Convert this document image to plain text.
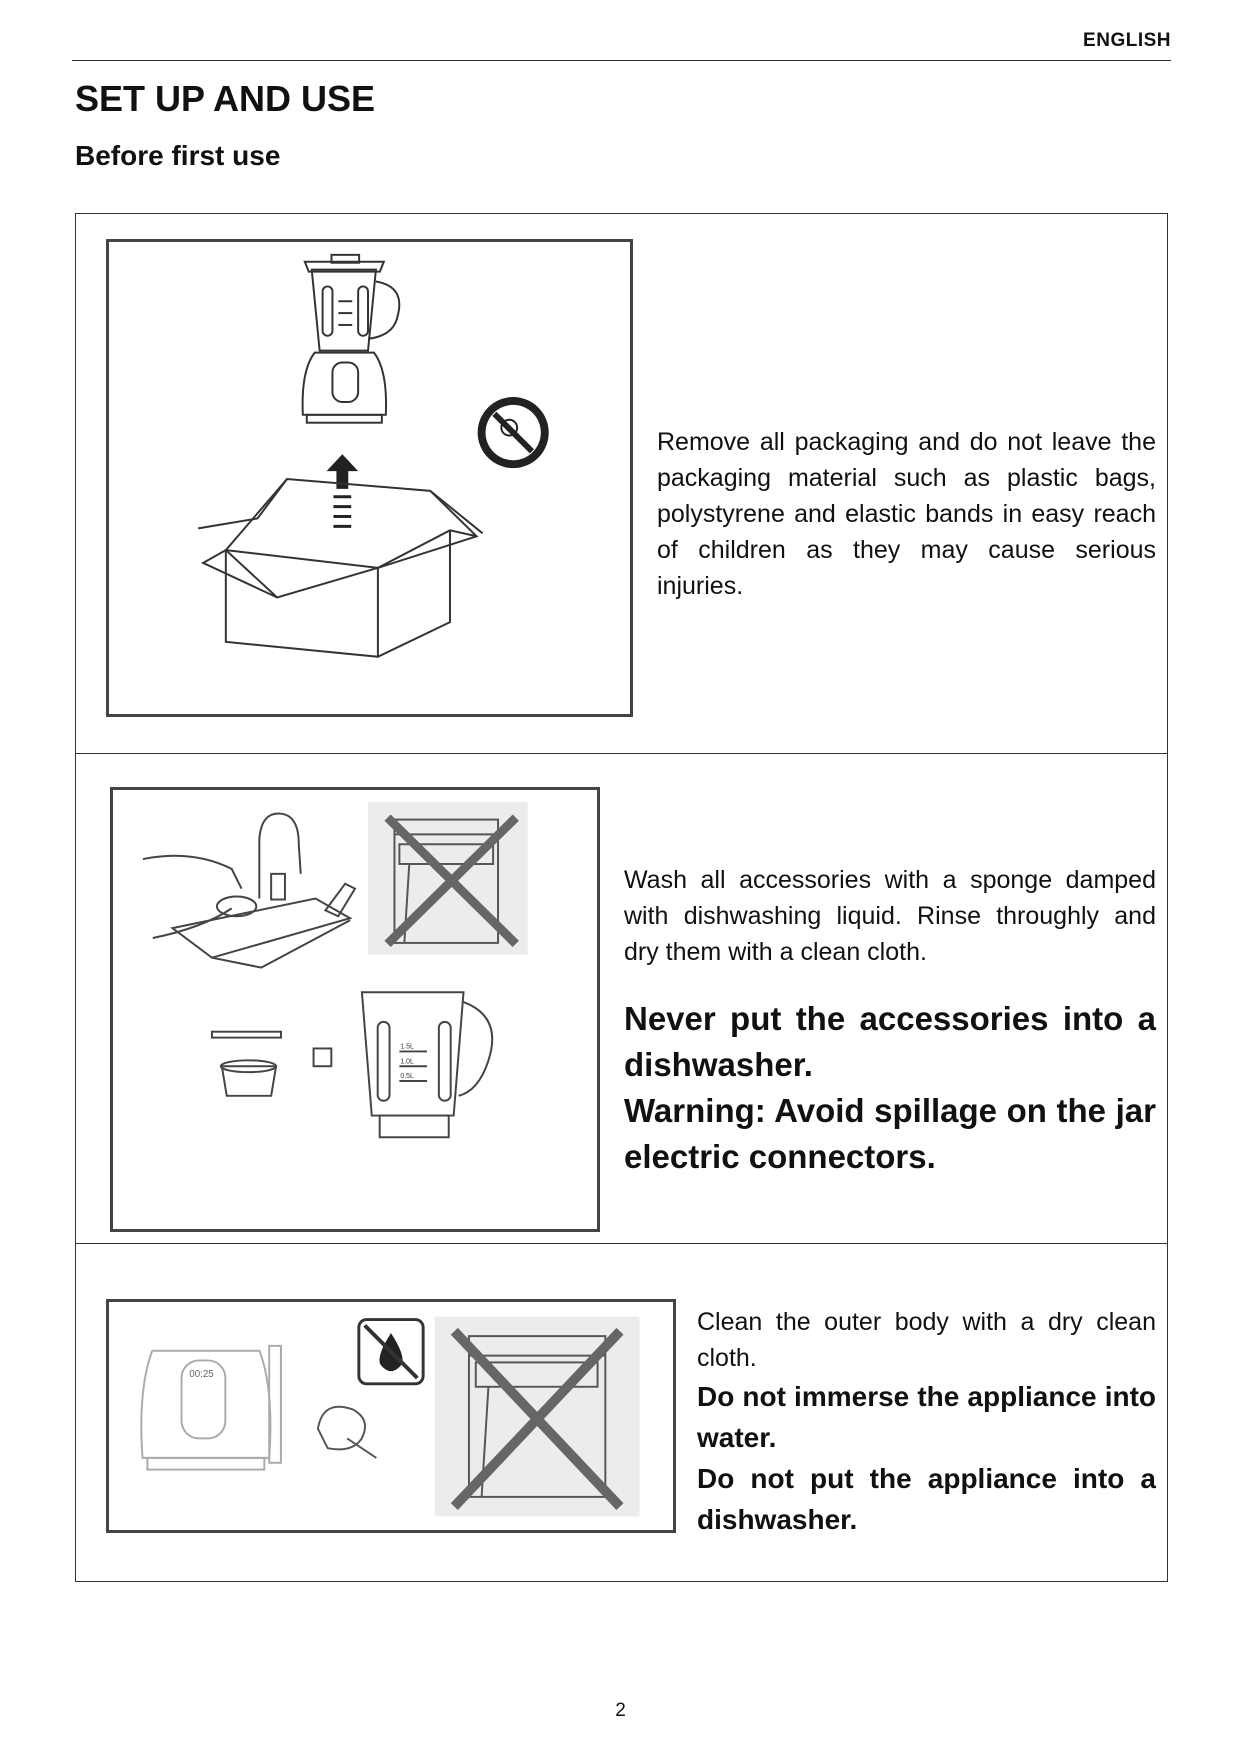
ENGLISH
SET UP AND USE
Before first use

Remove all packaging and do not leave the packaging material such as plastic bags, polystyrene and elastic bands in easy reach of children as they may cause serious injuries.

1.5L
1.0L
0.5L

Wash all accessories with a sponge damped with dishwashing liquid. Rinse throughly and dry them with a clean cloth.

Never put the accessories into a dishwasher.

Warning: Avoid spillage on the jar electric connectors.

00:25

Clean the outer body with a dry clean cloth.

Do not immerse the appliance into water.

Do not put the appliance into a dishwasher.

2
